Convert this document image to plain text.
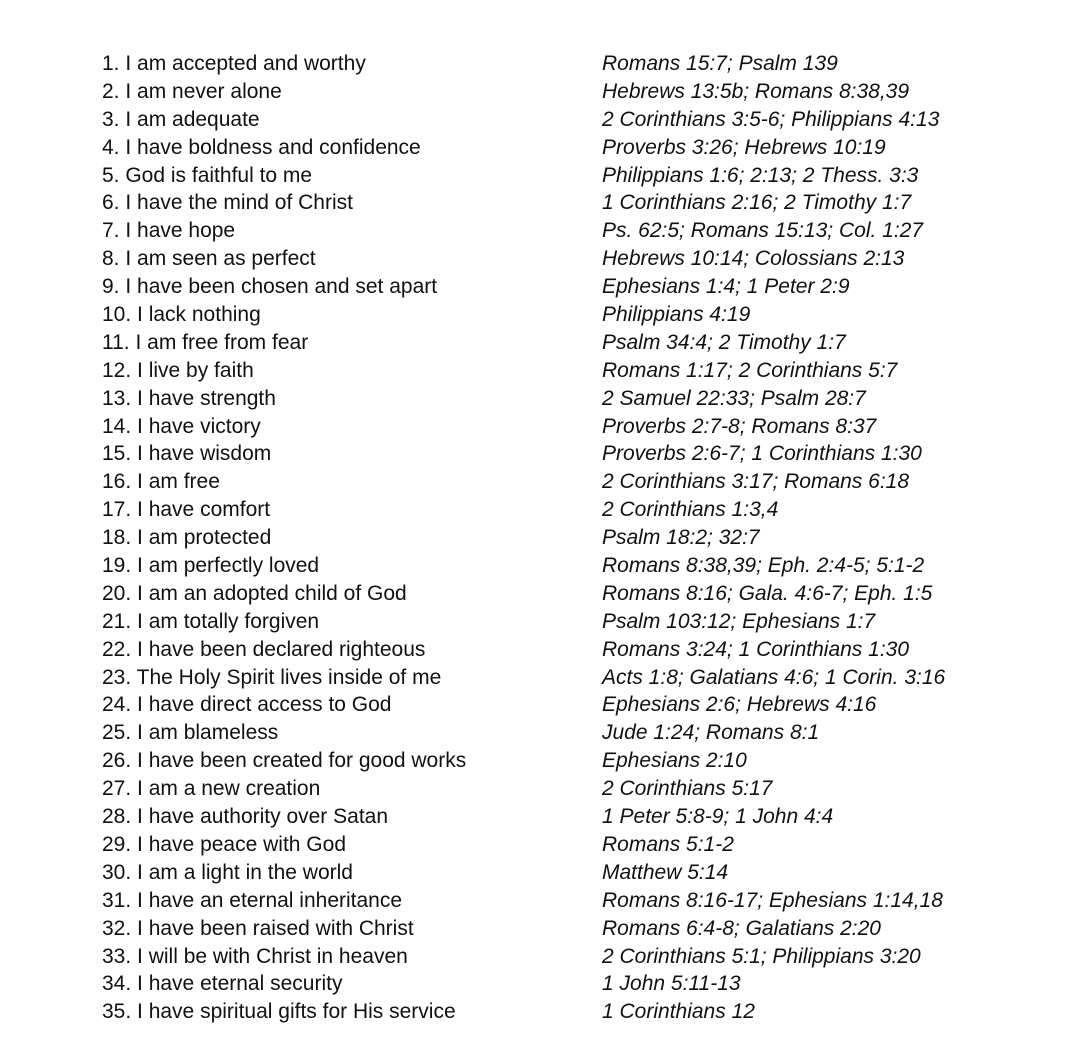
1. I am accepted and worthy	Romans 15:7; Psalm 139
2. I am never alone	Hebrews 13:5b; Romans 8:38,39
3. I am adequate	2 Corinthians 3:5-6; Philippians 4:13
4. I have boldness and confidence	Proverbs 3:26; Hebrews 10:19
5. God is faithful to me	Philippians 1:6; 2:13; 2 Thess. 3:3
6. I have the mind of Christ	1 Corinthians 2:16; 2 Timothy 1:7
7. I have hope	Ps. 62:5; Romans 15:13; Col. 1:27
8. I am seen as perfect	Hebrews 10:14; Colossians 2:13
9. I have been chosen and set apart	Ephesians 1:4; 1 Peter 2:9
10. I lack nothing	Philippians 4:19
11. I am free from fear	Psalm 34:4; 2 Timothy 1:7
12. I live by faith	Romans 1:17; 2 Corinthians 5:7
13. I have strength	2 Samuel 22:33; Psalm 28:7
14. I have victory	Proverbs 2:7-8; Romans 8:37
15. I have wisdom	Proverbs 2:6-7; 1 Corinthians 1:30
16. I am free	2 Corinthians 3:17; Romans 6:18
17. I have comfort	2 Corinthians 1:3,4
18. I am protected	Psalm 18:2; 32:7
19. I am perfectly loved	Romans 8:38,39; Eph. 2:4-5; 5:1-2
20. I am an adopted child of God	Romans 8:16; Gala. 4:6-7; Eph. 1:5
21. I am totally forgiven	Psalm 103:12; Ephesians 1:7
22. I have been declared righteous	Romans 3:24; 1 Corinthians 1:30
23. The Holy Spirit lives inside of me	Acts 1:8; Galatians 4:6; 1 Corin. 3:16
24. I have direct access to God	Ephesians 2:6; Hebrews 4:16
25. I am blameless	Jude 1:24; Romans 8:1
26. I have been created for good works	Ephesians 2:10
27. I am a new creation	2 Corinthians 5:17
28. I have authority over Satan	1 Peter 5:8-9; 1 John 4:4
29. I have peace with God	Romans 5:1-2
30. I am a light in the world	Matthew 5:14
31. I have an eternal inheritance	Romans 8:16-17; Ephesians 1:14,18
32. I have been raised with Christ	Romans 6:4-8; Galatians 2:20
33. I will be with Christ in heaven	2 Corinthians 5:1; Philippians 3:20
34. I have eternal security	1 John 5:11-13
35. I have spiritual gifts for His service	1 Corinthians 12
